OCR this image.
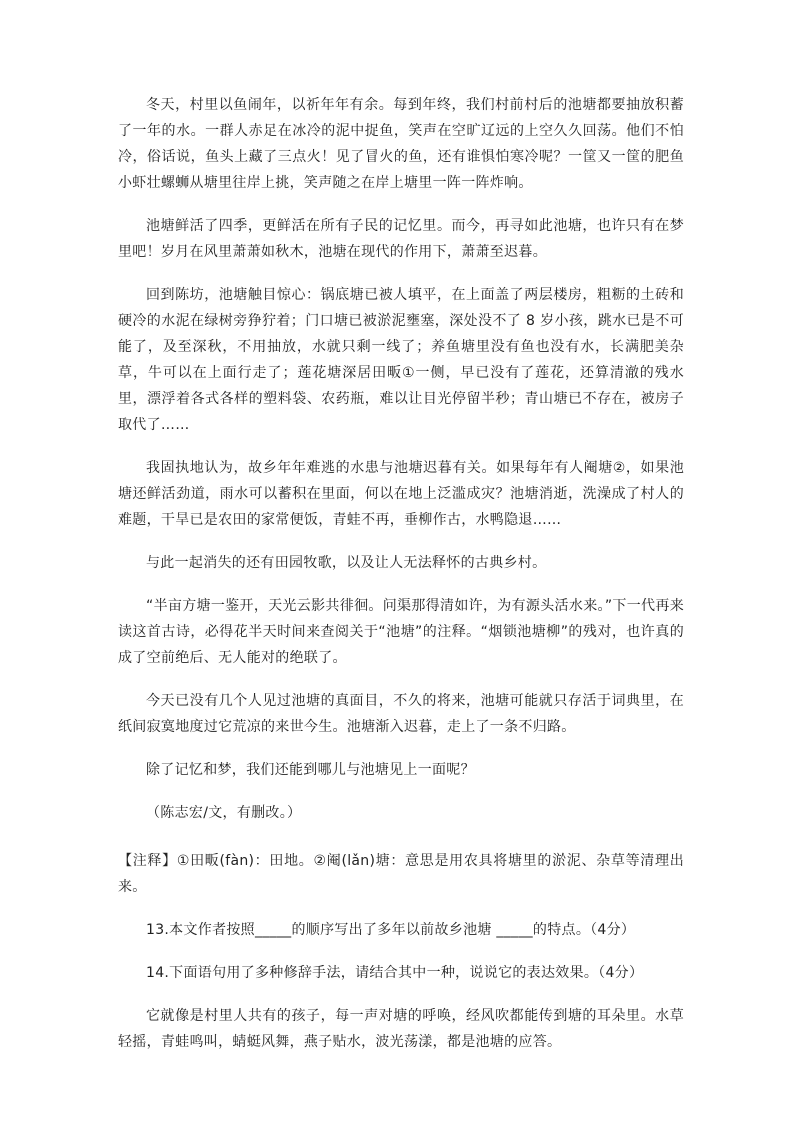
冬天，村里以鱼闹年，以祈年年有余。每到年终，我们村前村后的池塘都要抽放积蓄了一年的水。一群人赤足在冰冷的泥中捉鱼，笑声在空旷辽远的上空久久回荡。他们不怕冷，俗话说，鱼头上藏了三点火！见了冒火的鱼，还有谁惧怕寒冷呢？一筐又一筐的肥鱼小虾壮螺蛳从塘里往岸上挑，笑声随之在岸上塘里一阵一阵炸响。

池塘鲜活了四季，更鲜活在所有子民的记忆里。而今，再寻如此池塘，也许只有在梦里吧！岁月在风里萧萧如秋木，池塘在现代的作用下，萧萧至迟暮。

回到陈坊，池塘触目惊心：锅底塘已被人填平，在上面盖了两层楼房，粗粝的土砖和硬冷的水泥在绿树旁狰狞着；门口塘已被淤泥壅塞，深处没不了 8 岁小孩，跳水已是不可能了，及至深秋，不用抽放，水就只剩一线了；养鱼塘里没有鱼也没有水，长满肥美杂草，牛可以在上面行走了；莲花塘深居田畈①一侧，早已没有了莲花，还算清澈的残水里，漂浮着各式各样的塑料袋、农药瓶，难以让目光停留半秒；青山塘已不存在，被房子取代了……

我固执地认为，故乡年年难逃的水患与池塘迟暮有关。如果每年有人阉塘②，如果池塘还鲜活劲道，雨水可以蓄积在里面，何以在地上泛滥成灾？池塘消逝，洗澡成了村人的难题，干旱已是农田的家常便饭，青蛙不再，垂柳作古，水鸭隐退……

与此一起消失的还有田园牧歌，以及让人无法释怀的古典乡村。

“半亩方塘一鉴开，天光云影共徘徊。问渠那得清如许，为有源头活水来。”下一代再来读这首古诗，必得花半天时间来查阅关于“池塘”的注释。“烟锁池塘柳”的残对，也许真的成了空前绝后、无人能对的绝联了。

今天已没有几个人见过池塘的真面目，不久的将来，池塘可能就只存活于词典里，在纸间寂寞地度过它荒凉的来世今生。池塘渐入迟暮，走上了一条不归路。

除了记忆和梦，我们还能到哪儿与池塘见上一面呢？

（陈志宏/文，有删改。）

【注释】①田畈(fàn)：田地。②阉(lǎn)塘：意思是用农具将塘里的淤泥、杂草等清理出来。

13.本文作者按照_____的顺序写出了多年以前故乡池塘 _____的特点。（4分）

14.下面语句用了多种修辞手法，请结合其中一种，说说它的表达效果。（4分）

它就像是村里人共有的孩子，每一声对塘的呼唤，经风吹都能传到塘的耳朵里。水草轻摇，青蛙鸣叫，蜻蜓风舞，燕子贴水，波光荡漾，都是池塘的应答。
